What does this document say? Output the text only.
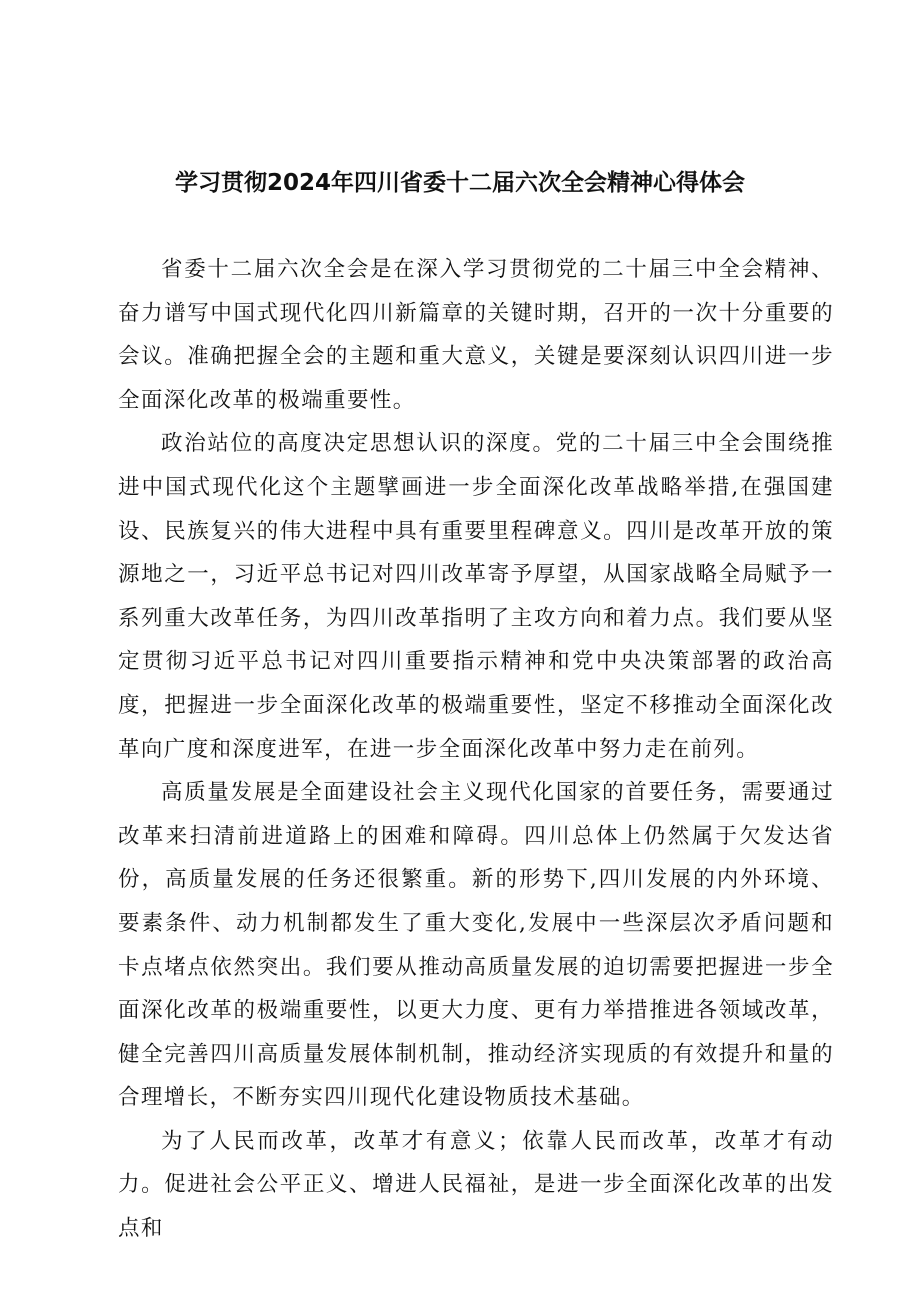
学习贯彻2024年四川省委十二届六次全会精神心得体会

省委十二届六次全会是在深入学习贯彻党的二十届三中全会精神、奋力谱写中国式现代化四川新篇章的关键时期，召开的一次十分重要的会议。准确把握全会的主题和重大意义，关键是要深刻认识四川进一步全面深化改革的极端重要性。

政治站位的高度决定思想认识的深度。党的二十届三中全会围绕推进中国式现代化这个主题擘画进一步全面深化改革战略举措,在强国建设、民族复兴的伟大进程中具有重要里程碑意义。四川是改革开放的策源地之一，习近平总书记对四川改革寄予厚望，从国家战略全局赋予一系列重大改革任务，为四川改革指明了主攻方向和着力点。我们要从坚定贯彻习近平总书记对四川重要指示精神和党中央决策部署的政治高度，把握进一步全面深化改革的极端重要性，坚定不移推动全面深化改革向广度和深度进军，在进一步全面深化改革中努力走在前列。

高质量发展是全面建设社会主义现代化国家的首要任务，需要通过改革来扫清前进道路上的困难和障碍。四川总体上仍然属于欠发达省份，高质量发展的任务还很繁重。新的形势下,四川发展的内外环境、要素条件、动力机制都发生了重大变化,发展中一些深层次矛盾问题和卡点堵点依然突出。我们要从推动高质量发展的迫切需要把握进一步全面深化改革的极端重要性，以更大力度、更有力举措推进各领域改革，健全完善四川高质量发展体制机制，推动经济实现质的有效提升和量的合理增长，不断夯实四川现代化建设物质技术基础。

为了人民而改革，改革才有意义；依靠人民而改革，改革才有动力。促进社会公平正义、增进人民福祉，是进一步全面深化改革的出发点和
